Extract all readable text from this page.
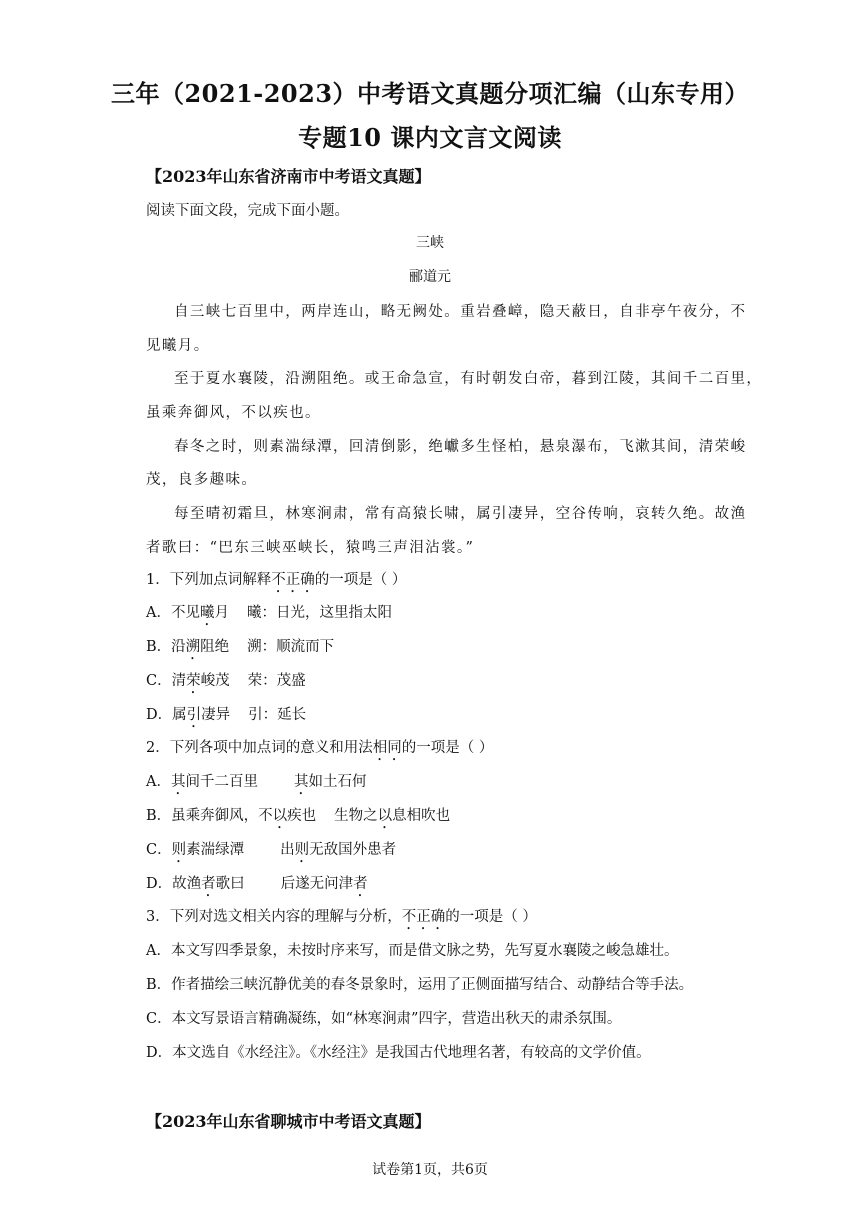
三年（2021-2023）中考语文真题分项汇编（山东专用）
专题10 课内文言文阅读
【2023年山东省济南市中考语文真题】
阅读下面文段，完成下面小题。
三峡
郦道元
自三峡七百里中，两岸连山，略无阙处。重岩叠嶂，隐天蔽日，自非亭午夜分，不
见曦月。
至于夏水襄陵，沿溯阻绝。或王命急宣，有时朝发白帝，暮到江陵，其间千二百里，
虽乘奔御风，不以疾也。
春冬之时，则素湍绿潭，回清倒影，绝巘多生怪柏，悬泉瀑布，飞漱其间，清荣峻
茂，良多趣味。
每至晴初霜旦，林寒涧肃，常有高猿长啸，属引凄异，空谷传响，哀转久绝。故渔
者歌曰：“巴东三峡巫峡长，猿鸣三声泪沾裳。”
1．下列加点词解释不正确的一项是（ ）
A．不见曦月 曦：日光，这里指太阳
B．沿溯阻绝 溯：顺流而下
C．清荣峻茂 荣：茂盛
D．属引凄异 引：延长
2．下列各项中加点词的意义和用法相同的一项是（ ）
A．其间千二百里 其如土石何
B．虽乘奔御风，不以疾也 生物之以息相吹也
C．则素湍绿潭 出则无敌国外患者
D．故渔者歌曰 后遂无问津者
3．下列对选文相关内容的理解与分析，不正确的一项是（ ）
A．本文写四季景象，未按时序来写，而是借文脉之势，先写夏水襄陵之峻急雄壮。
B．作者描绘三峡沉静优美的春冬景象时，运用了正侧面描写结合、动静结合等手法。
C．本文写景语言精确凝练，如“林寒涧肃”四字，营造出秋天的肃杀氛围。
D．本文选自《水经注》。《水经注》是我国古代地理名著，有较高的文学价值。
【2023年山东省聊城市中考语文真题】
试卷第1页，共6页
